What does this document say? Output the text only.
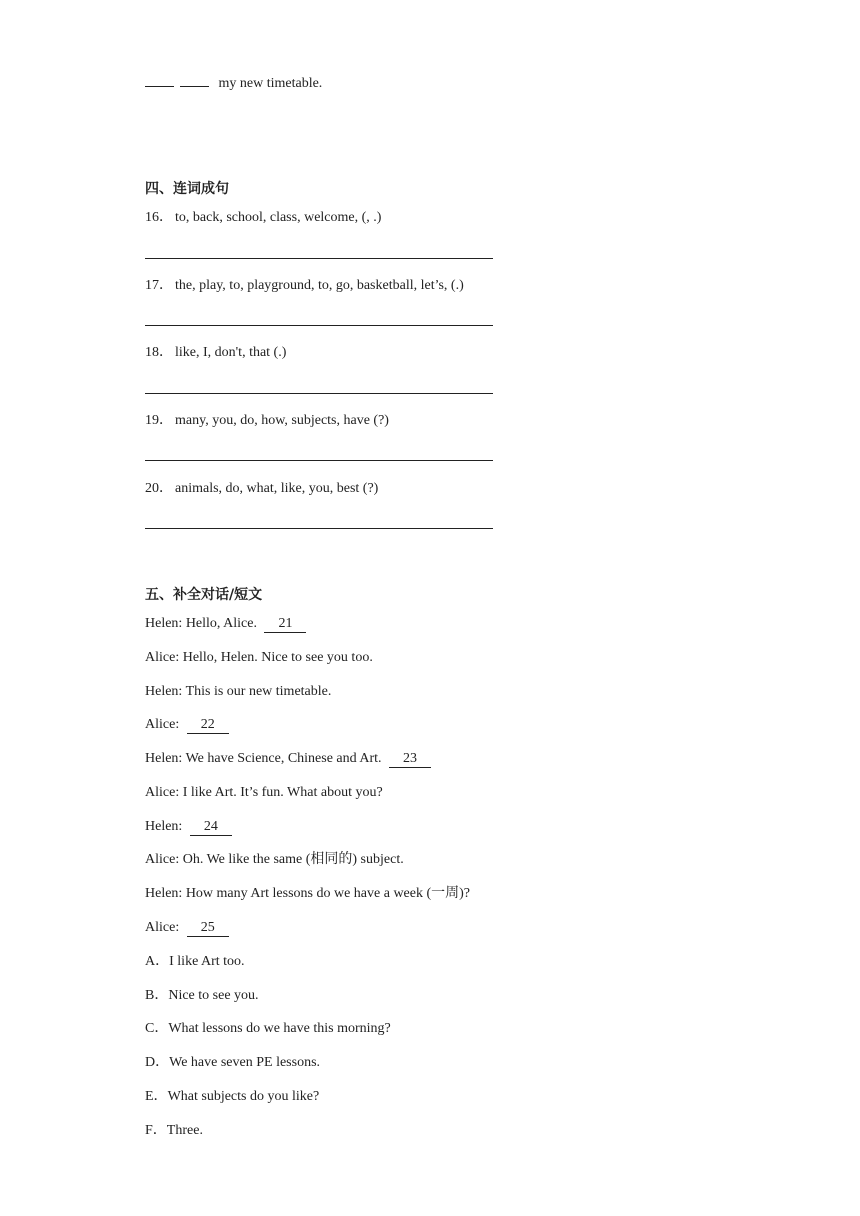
my new timetable.
四、连词成句
16． to, back, school, class, welcome, (, .)
17． the, play, to, playground, to, go, basketball, let’s, (.)
18． like, I, don't, that (.)
19． many, you, do, how, subjects, have (?)
20． animals, do, what, like, you, best (?)
五、补全对话/短文
Helen: Hello, Alice. 21
Alice: Hello, Helen. Nice to see you too.
Helen: This is our new timetable.
Alice: 22
Helen: We have Science, Chinese and Art. 23
Alice: I like Art. It’s fun. What about you?
Helen: 24
Alice: Oh. We like the same (相同的) subject.
Helen: How many Art lessons do we have a week (一周)?
Alice: 25
A．I like Art too.
B．Nice to see you.
C．What lessons do we have this morning?
D．We have seven PE lessons.
E．What subjects do you like?
F．Three.
